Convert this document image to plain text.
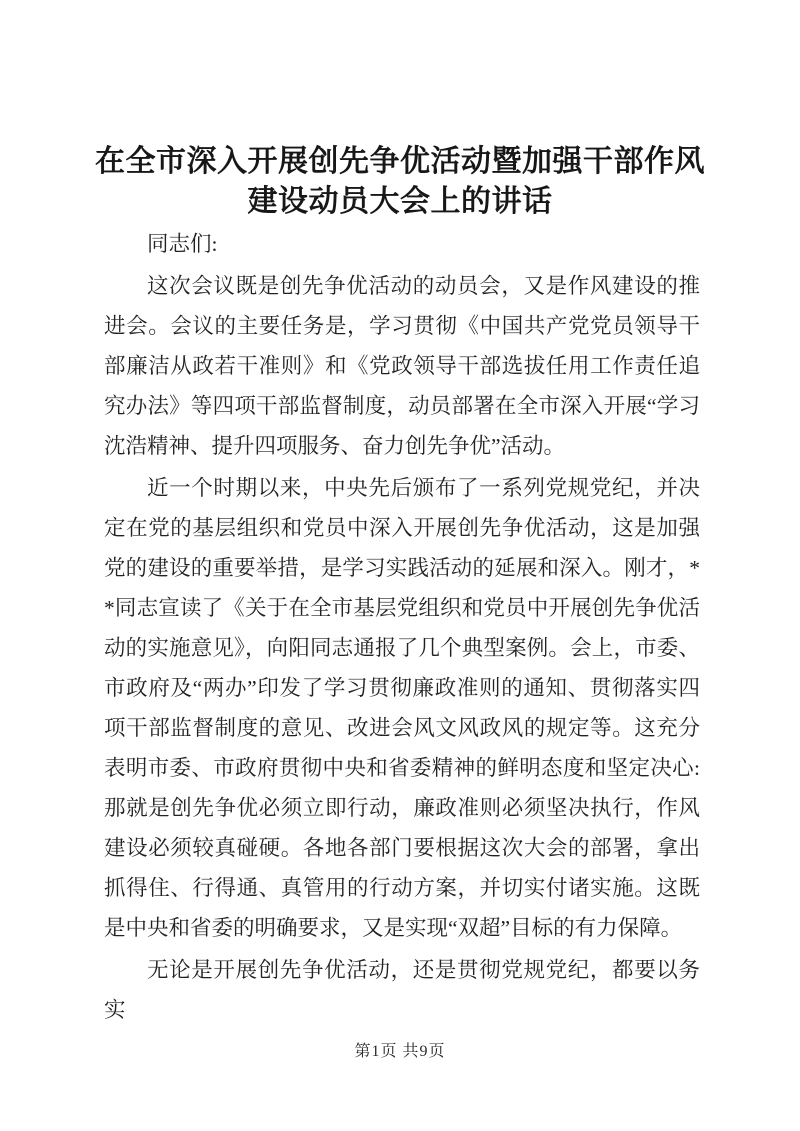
在全市深入开展创先争优活动暨加强干部作风建设动员大会上的讲话

同志们:

这次会议既是创先争优活动的动员会，又是作风建设的推进会。会议的主要任务是，学习贯彻《中国共产党党员领导干部廉洁从政若干准则》和《党政领导干部选拔任用工作责任追究办法》等四项干部监督制度，动员部署在全市深入开展“学习沈浩精神、提升四项服务、奋力创先争优”活动。

近一个时期以来，中央先后颁布了一系列党规党纪，并决定在党的基层组织和党员中深入开展创先争优活动，这是加强党的建设的重要举措，是学习实践活动的延展和深入。刚才，**同志宣读了《关于在全市基层党组织和党员中开展创先争优活动的实施意见》，向阳同志通报了几个典型案例。会上，市委、市政府及“两办”印发了学习贯彻廉政准则的通知、贯彻落实四项干部监督制度的意见、改进会风文风政风的规定等。这充分表明市委、市政府贯彻中央和省委精神的鲜明态度和坚定决心: 那就是创先争优必须立即行动，廉政准则必须坚决执行，作风建设必须较真碰硬。各地各部门要根据这次大会的部署，拿出抓得住、行得通、真管用的行动方案，并切实付诸实施。这既是中央和省委的明确要求，又是实现“双超”目标的有力保障。

无论是开展创先争优活动，还是贯彻党规党纪，都要以务实

第1页 共9页
